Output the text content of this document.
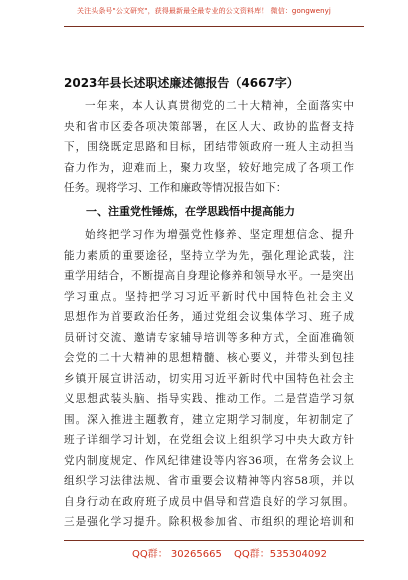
关注头条号"公文研究"，获得最新最全最专业的公文资料库！ 微信：gongwenyj
2023年县长述职述廉述德报告（4667字）
一年来，本人认真贯彻党的二十大精神，全面落实中
央和省市区委各项决策部署，在区人大、政协的监督支持
下，围绕既定思路和目标，团结带领政府一班人主动担当
奋力作为，迎难而上，聚力攻坚，较好地完成了各项工作
任务。现将学习、工作和廉政等情况报告如下：
一、注重党性锤炼，在学思践悟中提高能力
始终把学习作为增强党性修养、坚定理想信念、提升
能力素质的重要途径，坚持立学为先，强化理论武装，注
重学用结合，不断提高自身理论修养和领导水平。一是突出
学习重点。坚持把学习习近平新时代中国特色社会主义
思想作为首要政治任务，通过党组会议集体学习、班子成
员研讨交流、邀请专家辅导培训等多种方式，全面准确领
会党的二十大精神的思想精髓、核心要义，并带头到包挂
乡镇开展宣讲活动，切实用习近平新时代中国特色社会主
义思想武装头脑、指导实践、推动工作。二是营造学习氛
围。深入推进主题教育，建立定期学习制度，年初制定了
班子详细学习计划，在党组会议上组织学习中央大政方针
党内制度规定、作风纪律建设等内容36项，在常务会议上
组织学习法律法规、省市重要会议精神等内容58项，并以
自身行动在政府班子成员中倡导和营造良好的学习氛围。
三是强化学习提升。除积极参加省、市组织的理论培训和
QQ群： 30265665 QQ群：535304092
